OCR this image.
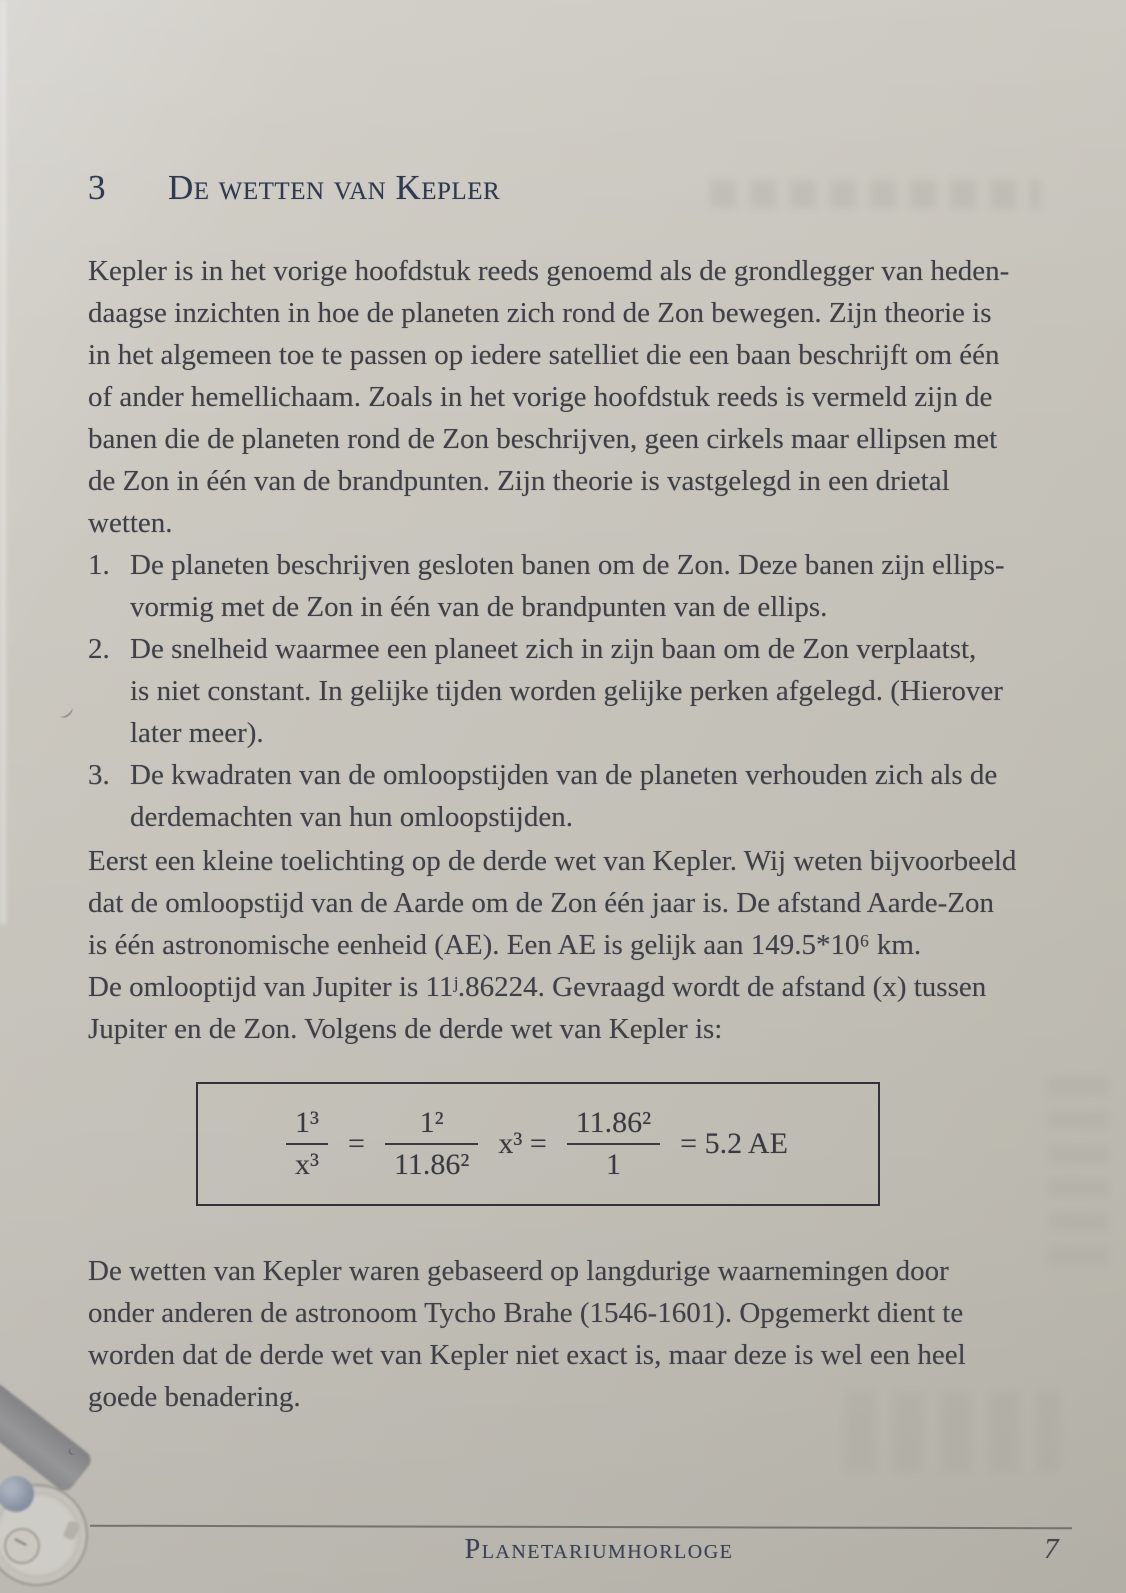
3	De wetten van Kepler
Kepler is in het vorige hoofdstuk reeds genoemd als de grondlegger van heden-
daagse inzichten in hoe de planeten zich rond de Zon bewegen. Zijn theorie is
in het algemeen toe te passen op iedere satelliet die een baan beschrijft om één
of ander hemellichaam. Zoals in het vorige hoofdstuk reeds is vermeld zijn de
banen die de planeten rond de Zon beschrijven, geen cirkels maar ellipsen met
de Zon in één van de brandpunten. Zijn theorie is vastgelegd in een drietal
wetten.
1. De planeten beschrijven gesloten banen om de Zon. Deze banen zijn ellips-
vormig met de Zon in één van de brandpunten van de ellips.
2. De snelheid waarmee een planeet zich in zijn baan om de Zon verplaatst,
is niet constant. In gelijke tijden worden gelijke perken afgelegd. (Hierover
later meer).
3. De kwadraten van de omloopstijden van de planeten verhouden zich als de
derdemachten van hun omloopstijden.
Eerst een kleine toelichting op de derde wet van Kepler. Wij weten bijvoorbeeld
dat de omloopstijd van de Aarde om de Zon één jaar is. De afstand Aarde-Zon
is één astronomische eenheid (AE). Een AE is gelijk aan 149.5*10⁶ km.
De omlooptijd van Jupiter is 11ʲ.86224. Gevraagd wordt de afstand (x) tussen
Jupiter en de Zon. Volgens de derde wet van Kepler is:
$\frac{\text{1³}}{\text{x³}} = \frac{\text{1²}}{\text{11.86²}} x^3 = \frac{\text{11.86²}}{1} = 5.2$ AE
De wetten van Kepler waren gebaseerd op langdurige waarnemingen door
onder anderen de astronoom Tycho Brahe (1546-1601). Opgemerkt dient te
worden dat de derde wet van Kepler niet exact is, maar deze is wel een heel
goede benadering.
Planetariumhorloge	7
